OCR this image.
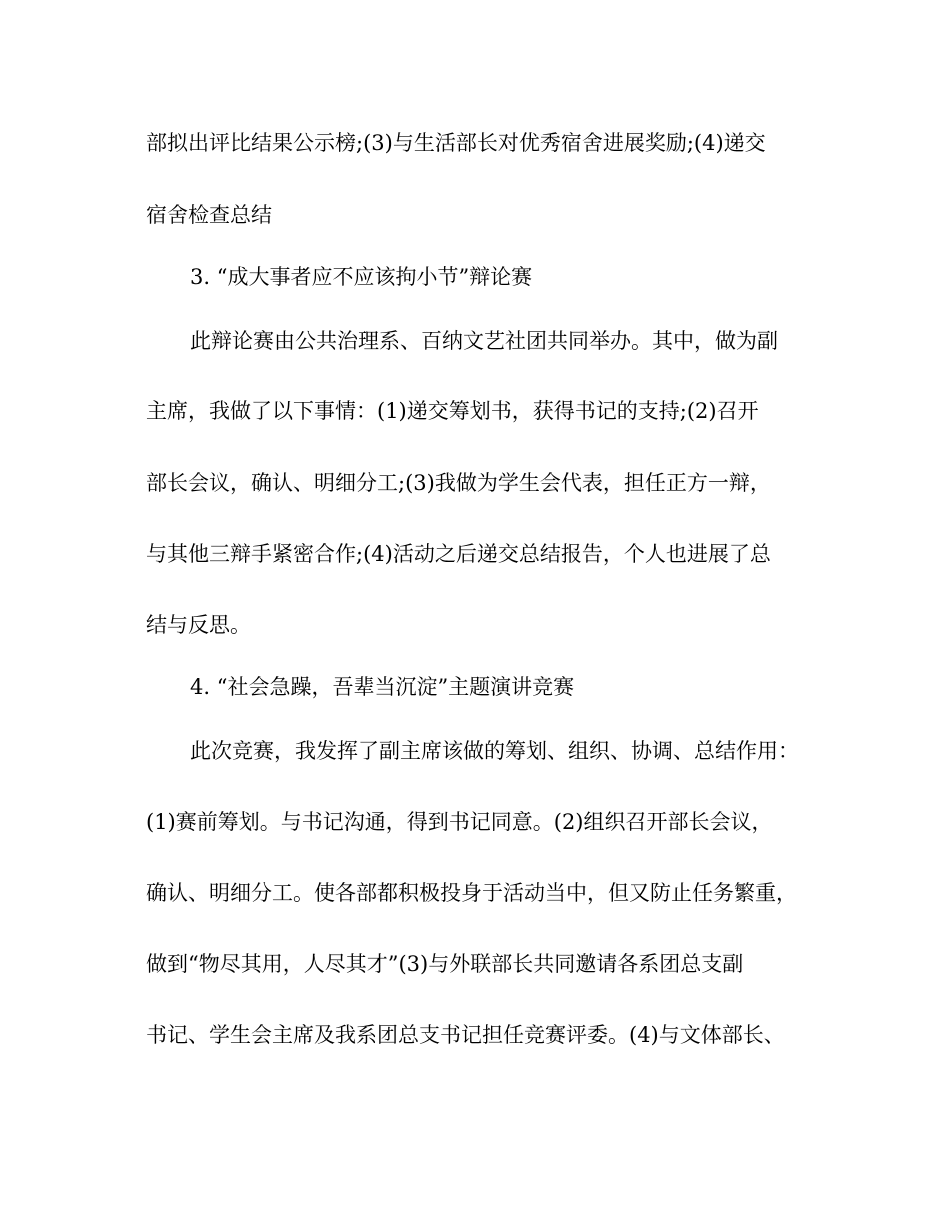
部拟出评比结果公示榜;(3)与生活部长对优秀宿舍进展奖励;(4)递交
宿舍检查总结
3. “成大事者应不应该拘小节”辩论赛
此辩论赛由公共治理系、百纳文艺社团共同举办。其中，做为副
主席，我做了以下事情：(1)递交筹划书，获得书记的支持;(2)召开
部长会议，确认、明细分工;(3)我做为学生会代表，担任正方一辩，
与其他三辩手紧密合作;(4)活动之后递交总结报告，个人也进展了总
结与反思。
4. “社会急躁，吾辈当沉淀”主题演讲竞赛
此次竞赛，我发挥了副主席该做的筹划、组织、协调、总结作用：
(1)赛前筹划。与书记沟通，得到书记同意。(2)组织召开部长会议，
确认、明细分工。使各部都积极投身于活动当中，但又防止任务繁重，
做到“物尽其用，人尽其才”(3)与外联部长共同邀请各系团总支副
书记、学生会主席及我系团总支书记担任竞赛评委。(4)与文体部长、
